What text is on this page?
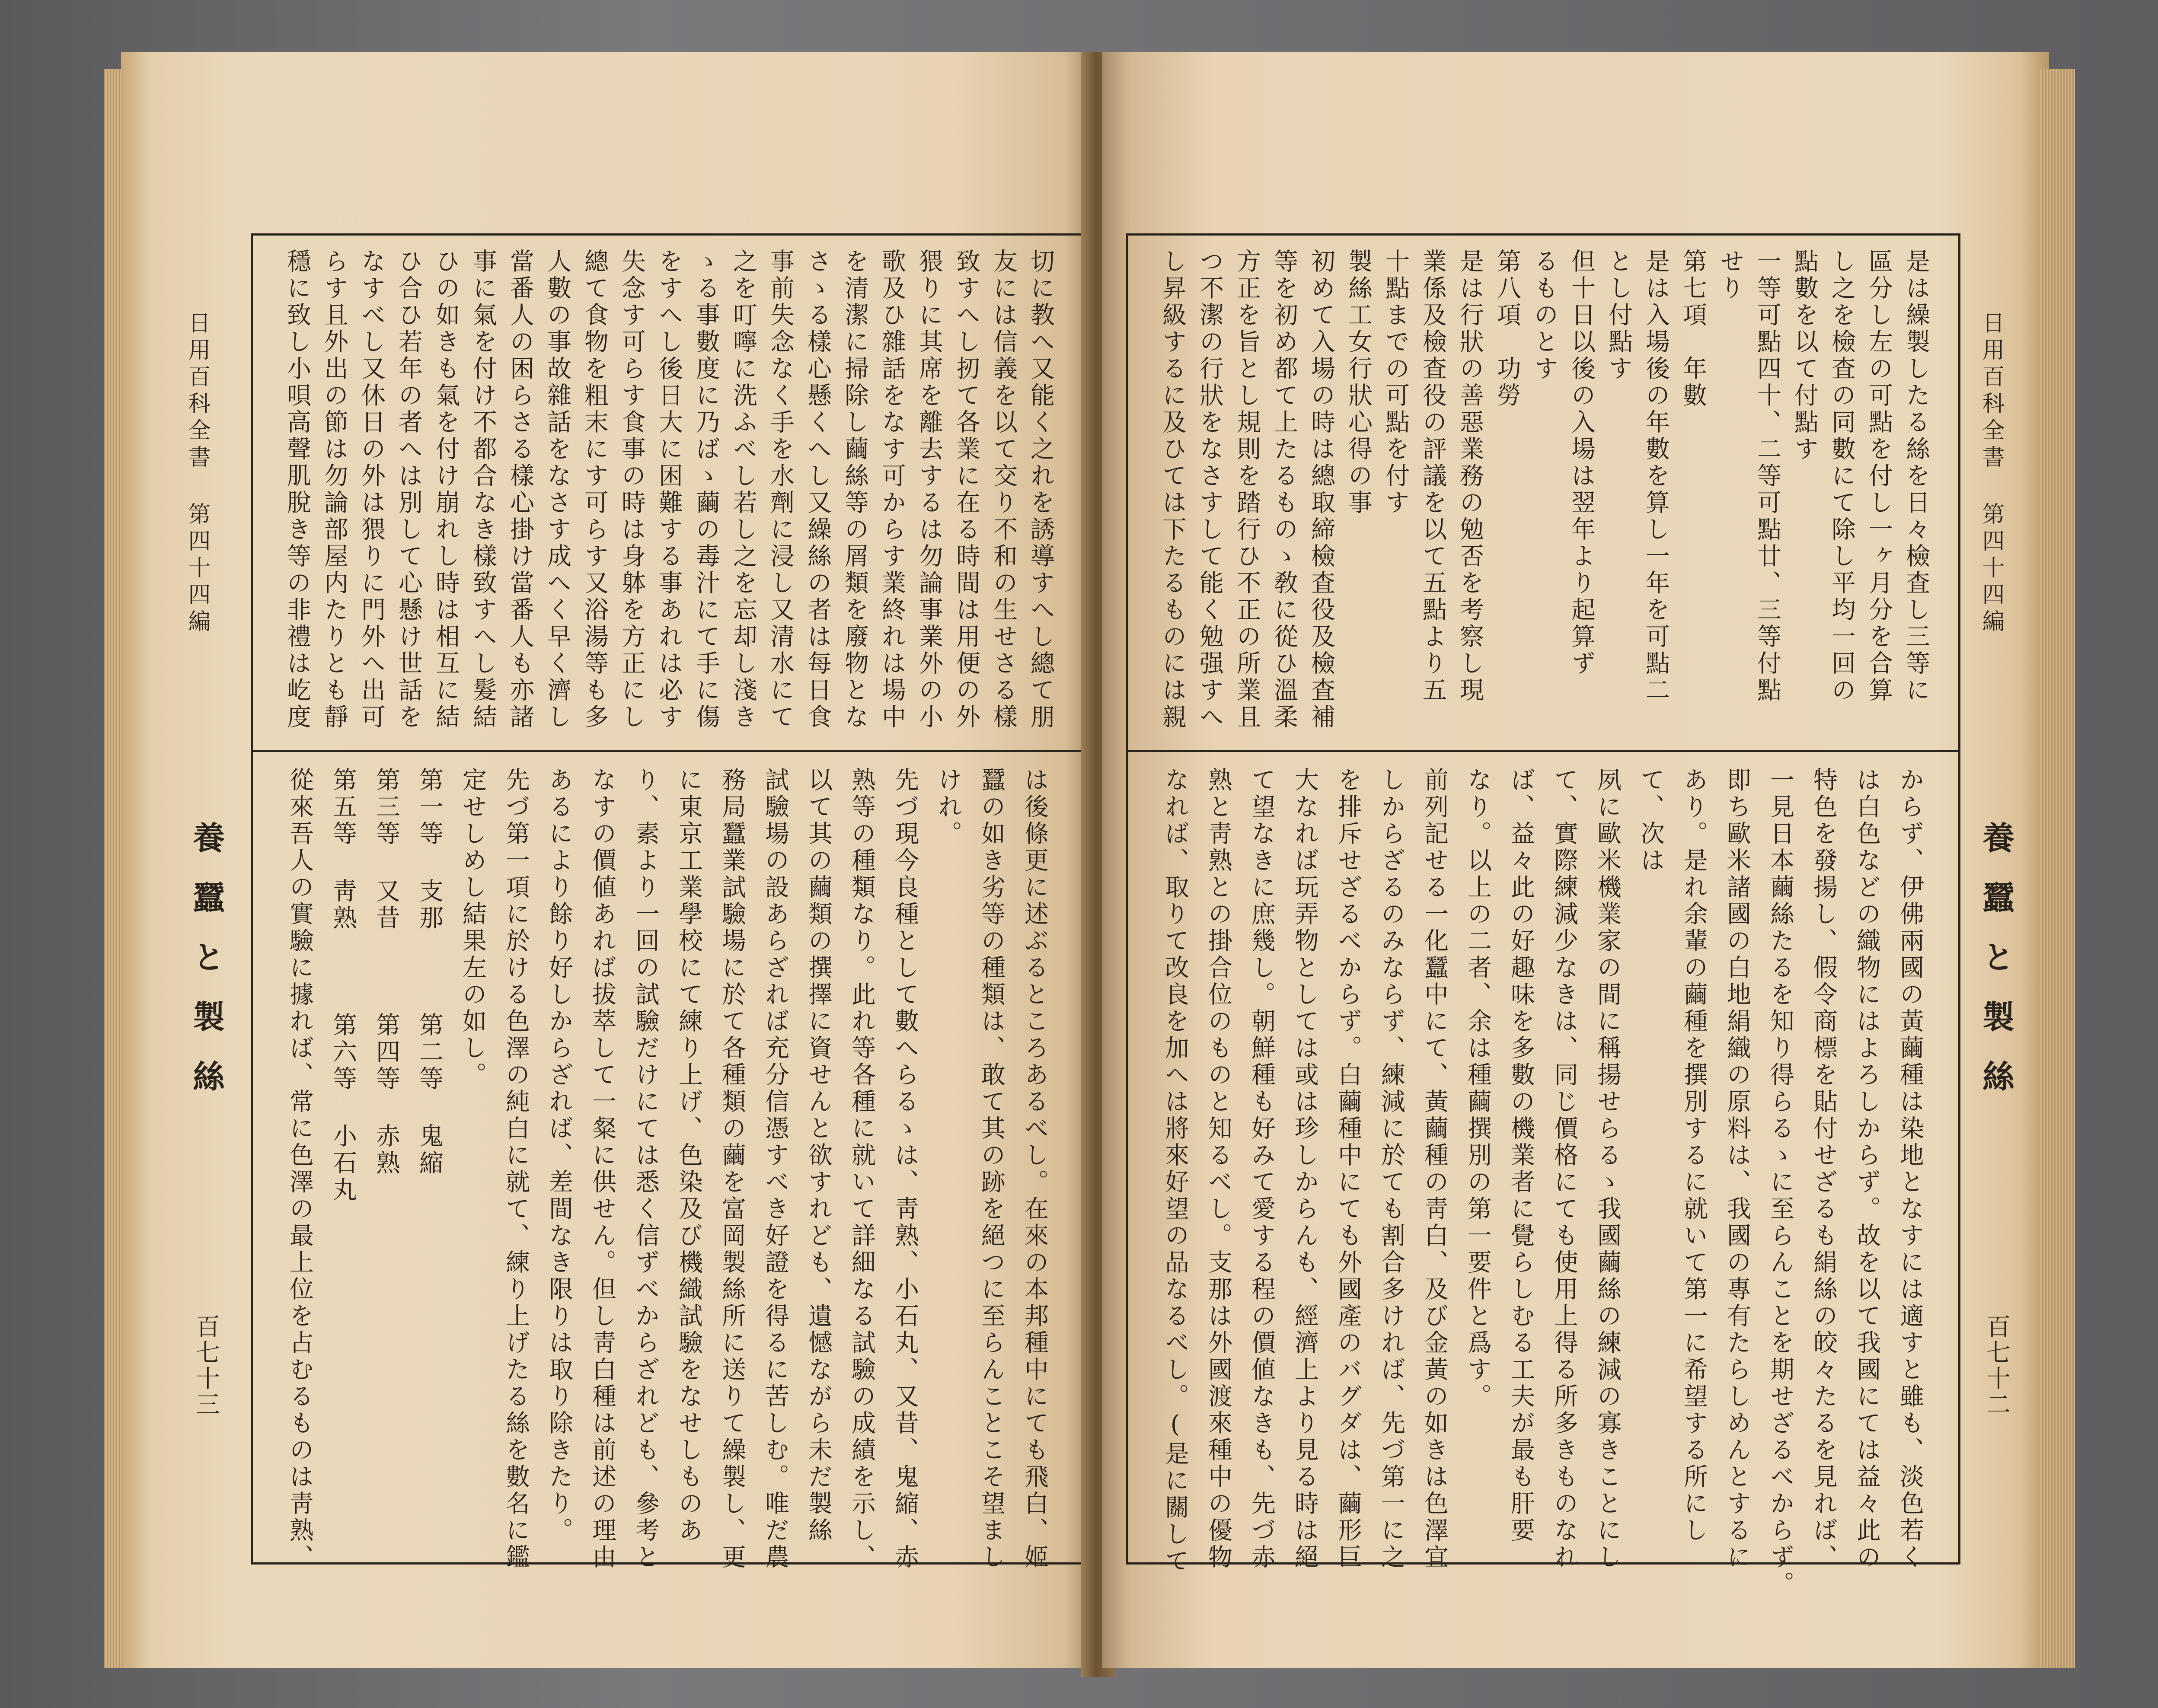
日用百科全書 第四十四編
養蠶と製絲
百七十三
切に教へ又能く之れを誘導すへし總て朋
友には信義を以て交り不和の生せさる樣
致すへし扨て各業に在る時間は用便の外
猥りに其席を離去するは勿論事業外の小
歌及ひ雜話をなす可からす業終れは場中
を清潔に掃除し繭絲等の屑類を廢物とな
さゝる樣心懸くへし又繰絲の者は每日食
事前失念なく手を水劑に浸し又清水にて
之を叮嚀に洗ふべし若し之を忘却し淺き
ゝる事數度に乃ばゝ繭の毒汁にて手に傷
をすへし後日大に困難する事あれは必す
失念す可らす食事の時は身躰を方正にし
總て食物を粗末にす可らす又浴湯等も多
人數の事故雜話をなさす成へく早く濟し
當番人の困らさる樣心掛け當番人も亦諸
事に氣を付け不都合なき樣致すへし髮結
ひの如きも氣を付け崩れし時は相互に結
ひ合ひ若年の者へは別して心懸け世話を
なすべし又休日の外は猥りに門外へ出可
らす且外出の節は勿論部屋内たりとも靜
穩に致し小唄高聲肌脫き等の非禮は屹度
は後條更に述ぶるところあるべし。在來の本邦種中にても飛白、姬
蠶の如き劣等の種類は、敢て其の跡を絕つに至らんことこそ望まし
けれ。
先づ現今良種として數へらるゝは、靑熟、小石丸、又昔、鬼縮、赤
熟等の種類なり。此れ等各種に就いて詳細なる試驗の成績を示し、
以て其の繭類の撰擇に資せんと欲すれども、遺憾ながら未だ製絲
試驗場の設あらざれば充分信憑すべき好證を得るに苦しむ。唯だ農
務局蠶業試驗場に於て各種類の繭を富岡製絲所に送りて繰製し、更
に東京工業學校にて練り上げ、色染及び機織試驗をなせしものあ
り、素より一回の試驗だけにては悉く信ずべからざれども、參考と
なすの價値あれば拔萃して一粲に供せん。但し靑白種は前述の理由
あるにより餘り好しからざれば、差間なき限りは取り除きたり。
先づ第一項に於ける色澤の純白に就て、練り上げたる絲を數名に鑑
定せしめし結果左の如し。
第一等 支那　　　第二等 鬼縮
第三等 又昔　　　第四等 赤熟
第五等 靑熟　　　第六等 小石丸
從來吾人の實驗に據れば、常に色澤の最上位を占むるものは靑熟、
是は繰製したる絲を日々檢査し三等に
區分し左の可點を付し一ヶ月分を合算
し之を檢査の同數にて除し平均一回の
點數を以て付點す
一等可點四十、二等可點廿、三等付點
せり
第七項　年數
是は入場後の年數を算し一年を可點二
とし付點す
但十日以後の入場は翌年より起算ず
るものとす
第八項　功勞
是は行狀の善惡業務の勉否を考察し現
業係及檢査役の評議を以て五點より五
十點までの可點を付す
製絲工女行狀心得の事
初めて入場の時は總取締檢査役及檢査補
等を初め都て上たるものゝ敎に從ひ溫柔
方正を旨とし規則を踏行ひ不正の所業且
つ不潔の行狀をなさすして能く勉强すへ
し昇級するに及ひては下たるものには親
からず、伊佛兩國の黃繭種は染地となすには適すと雖も、淡色若く
は白色などの織物にはよろしからず。故を以て我國にては益々此の
特色を發揚し、假令商標を貼付せざるも絹絲の皎々たるを見れば、
一見日本繭絲たるを知り得らるゝに至らんことを期せざるべからず。
即ち歐米諸國の白地絹織の原料は、我國の專有たらしめんとするに
あり。是れ余輩の繭種を撰別するに就いて第一に希望する所にし
て、次は
夙に歐米機業家の間に稱揚せらるゝ我國繭絲の練減の寡きことにし
て、實際練減少なきは、同じ價格にても使用上得る所多きものなれ
ば、益々此の好趣味を多數の機業者に覺らしむる工夫が最も肝要
なり。以上の二者、余は種繭撰別の第一要件と爲す。
前列記せる一化蠶中にて、黃繭種の靑白、及び金黃の如きは色澤宜
しからざるのみならず、練減に於ても割合多ければ、先づ第一に之
を排斥せざるべからず。白繭種中にても外國產のバグダは、繭形巨
大なれば玩弄物としては或は珍しからんも、經濟上より見る時は絕
て望なきに庶幾し。朝鮮種も好みて愛する程の價値なきも、先づ赤
熟と靑熟との掛合位のものと知るべし。支那は外國渡來種中の優物
なれば、取りて改良を加へは將來好望の品なるべし。(是に關して
日用百科全書 第四十四編
養蠶と製絲
百七十二
